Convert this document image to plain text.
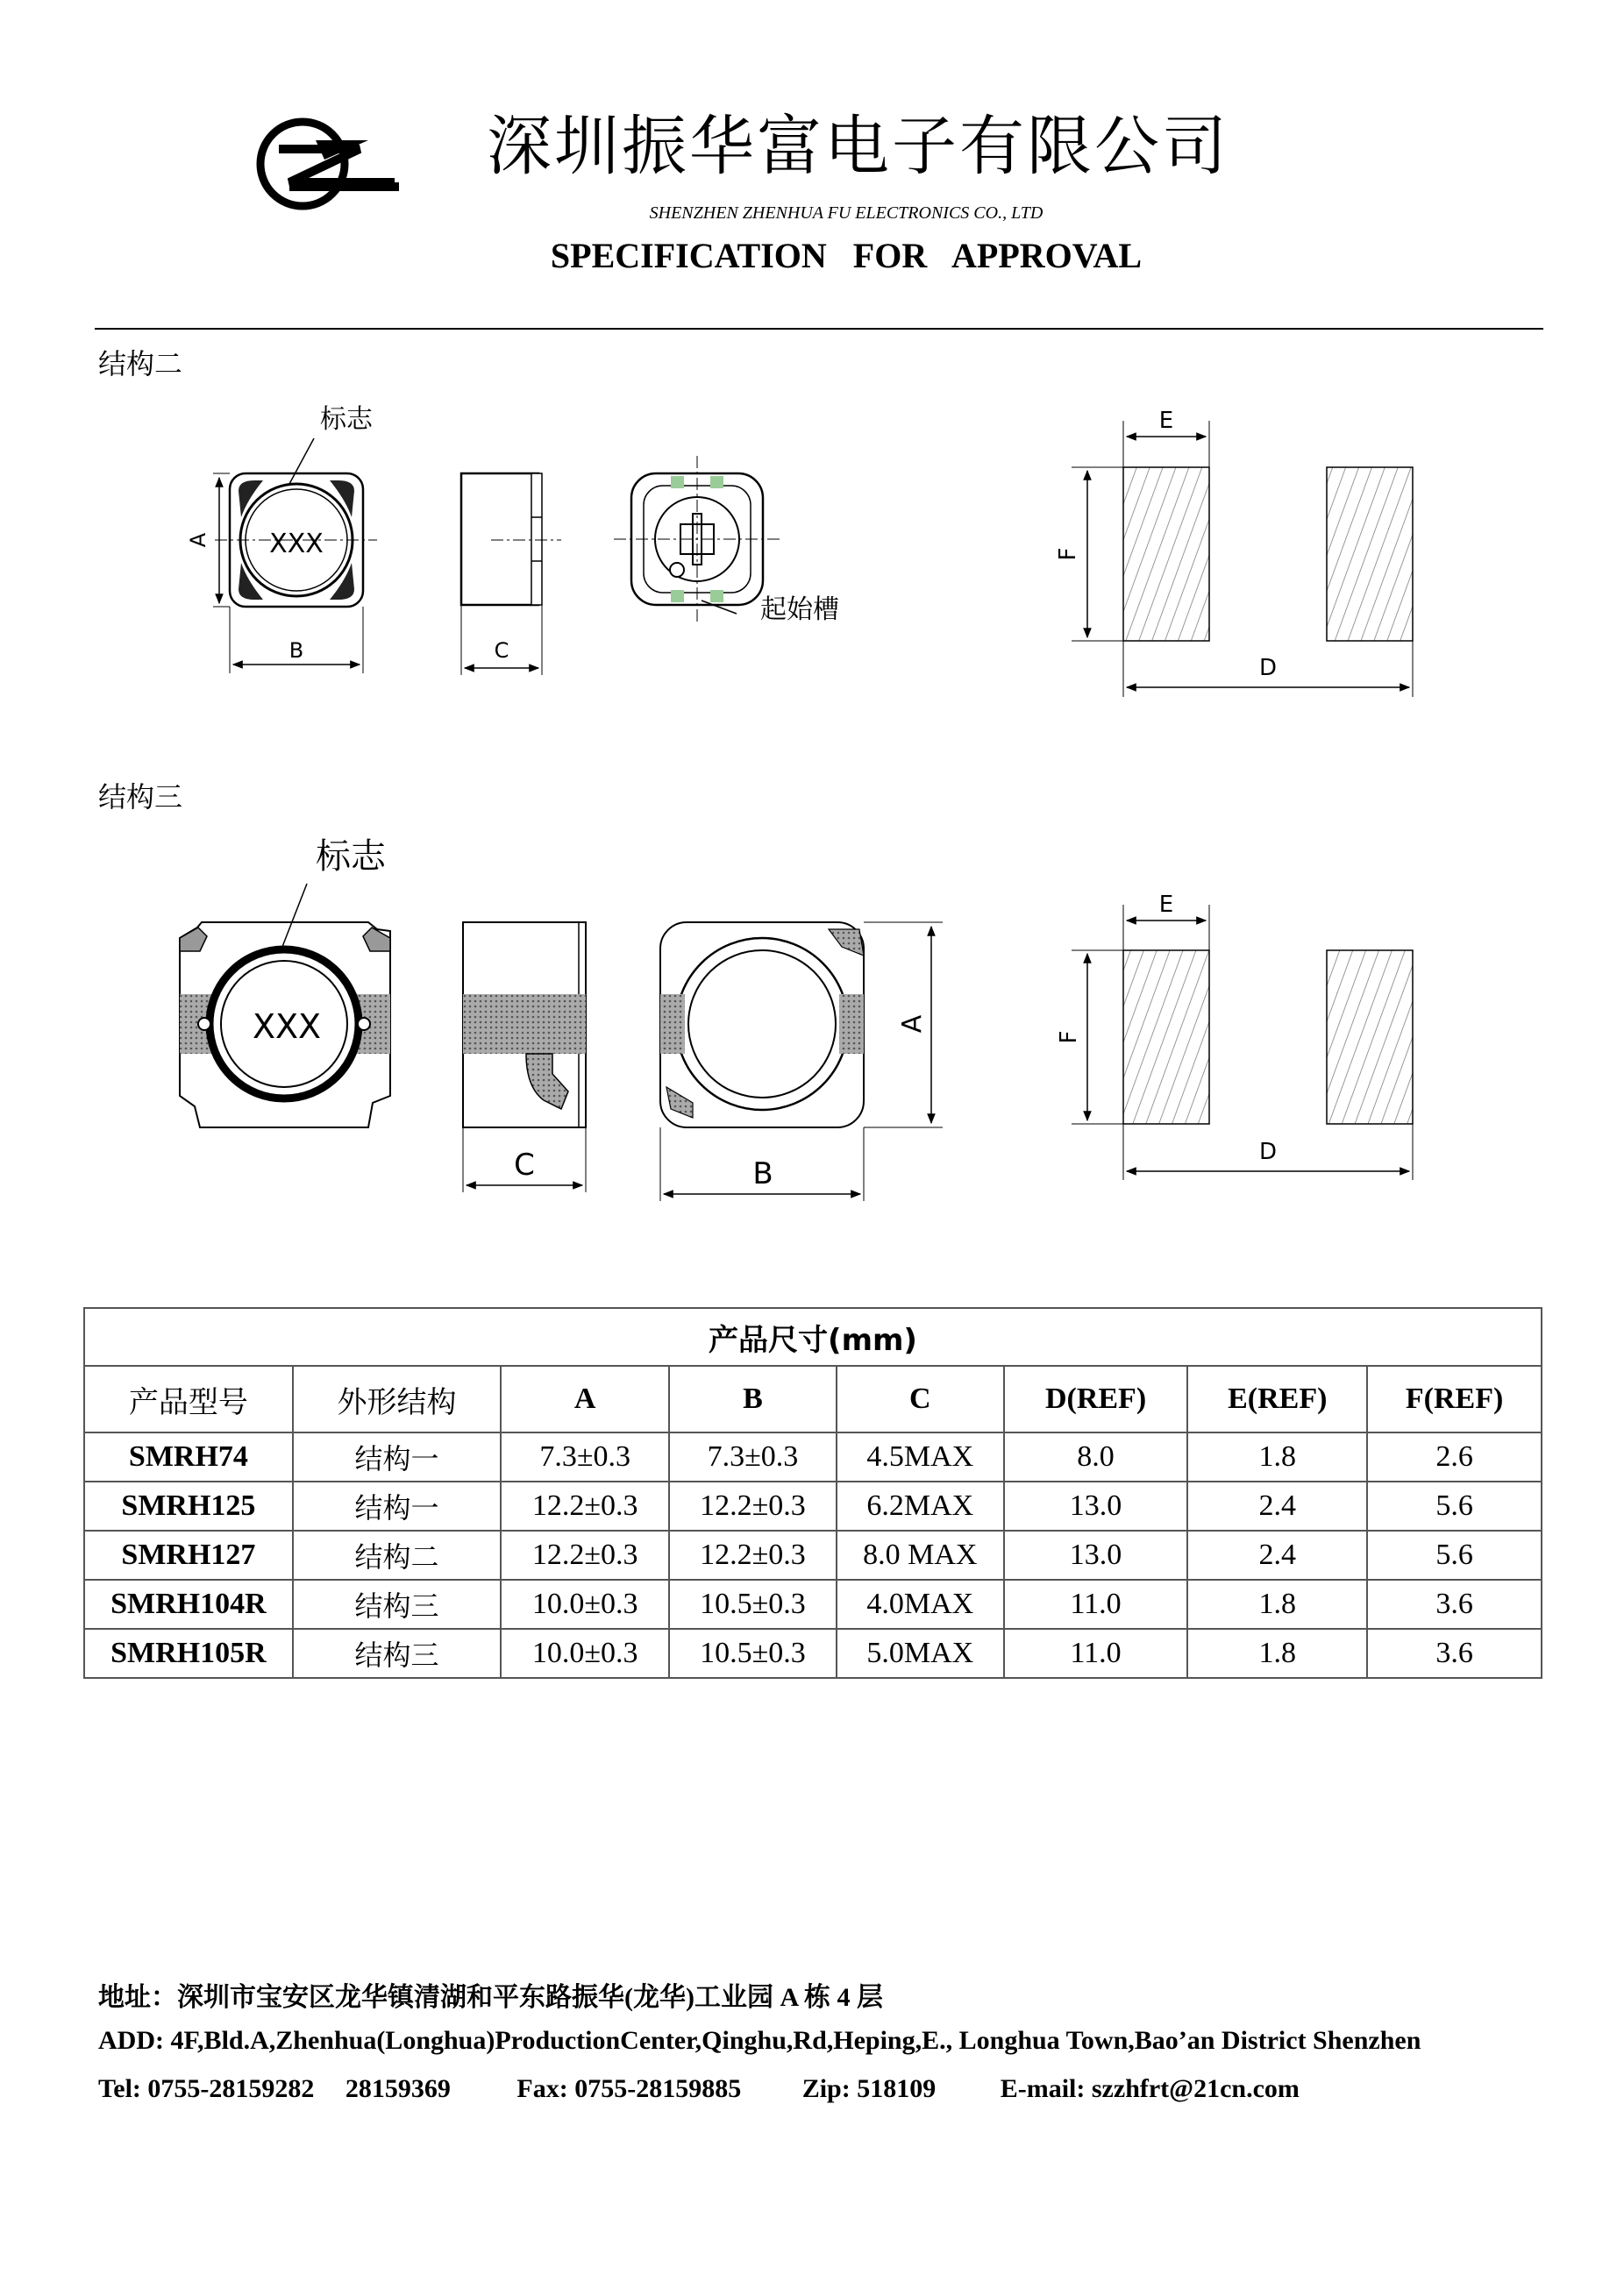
深圳振华富电子有限公司
SHENZHEN ZHENHUA FU ELECTRONICS CO., LTD
SPECIFICATION FOR APPROVAL
结构二
结构三
XXX
标志
A
B	C
起始槽
E
F
D
XXX
标志
C
A
B
E
F
D
产品尺寸(mm)							
产品型号	外形结构	A	B	C	D(REF)	E(REF)	F(REF)
SMRH74	结构一	7.3±0.3	7.3±0.3	4.5MAX	8.0	1.8	2.6
SMRH125	结构一	12.2±0.3	12.2±0.3	6.2MAX	13.0	2.4	5.6
SMRH127	结构二	12.2±0.3	12.2±0.3	8.0 MAX	13.0	2.4	5.6
SMRH104R	结构三	10.0±0.3	10.5±0.3	4.0MAX	11.0	1.8	3.6
SMRH105R	结构三	10.0±0.3	10.5±0.3	5.0MAX	11.0	1.8	3.6
地址：深圳市宝安区龙华镇清湖和平东路振华(龙华)工业园 A 栋 4 层
ADD: 4F,Bld.A,Zhenhua(Longhua)ProductionCenter,Qinghu,Rd,Heping,E., Longhua Town,Bao’an District Shenzhen
Tel: 0755-28159282 28159369	Fax: 0755-28159885 Zip: 518109 E-mail: szzhfrt@21cn.com
